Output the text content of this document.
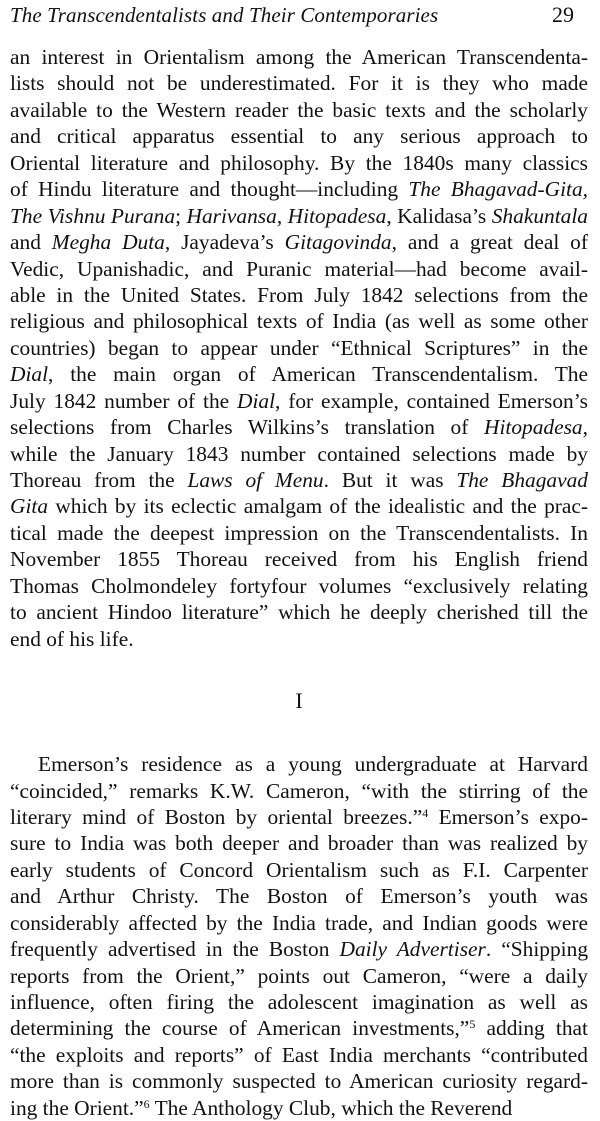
The Transcendentalists and Their Contemporaries	29
an interest in Orientalism among the American Transcendenta-
lists should not be underestimated. For it is they who made
available to the Western reader the basic texts and the scholarly
and critical apparatus essential to any serious approach to
Oriental literature and philosophy. By the 1840s many classics
of Hindu literature and thought—including The Bhagavad-Gita,
The Vishnu Purana; Harivansa, Hitopadesa, Kalidasa’s Shakuntala
and Megha Duta, Jayadeva’s Gitagovinda, and a great deal of
Vedic, Upanishadic, and Puranic material—had become avail-
able in the United States. From July 1842 selections from the
religious and philosophical texts of India (as well as some other
countries) began to appear under “Ethnical Scriptures” in the
Dial, the main organ of American Transcendentalism. The
July 1842 number of the Dial, for example, contained Emerson’s
selections from Charles Wilkins’s translation of Hitopadesa,
while the January 1843 number contained selections made by
Thoreau from the Laws of Menu. But it was The Bhagavad
Gita which by its eclectic amalgam of the idealistic and the prac-
tical made the deepest impression on the Transcendentalists. In
November 1855 Thoreau received from his English friend
Thomas Cholmondeley fortyfour volumes “exclusively relating
to ancient Hindoo literature” which he deeply cherished till the
end of his life.
I
Emerson’s residence as a young undergraduate at Harvard
“coincided,” remarks K.W. Cameron, “with the stirring of the
literary mind of Boston by oriental breezes.”$^4$ Emerson’s expo-
sure to India was both deeper and broader than was realized by
early students of Concord Orientalism such as F.I. Carpenter
and Arthur Christy. The Boston of Emerson’s youth was
considerably affected by the India trade, and Indian goods were
frequently advertised in the Boston Daily Advertiser. “Shipping
reports from the Orient,” points out Cameron, “were a daily
influence, often firing the adolescent imagination as well as
determining the course of American investments,”$^5$ adding that
“the exploits and reports” of East India merchants “contributed
more than is commonly suspected to American curiosity regard-
ing the Orient.”$^6$ The Anthology Club, which the Reverend
